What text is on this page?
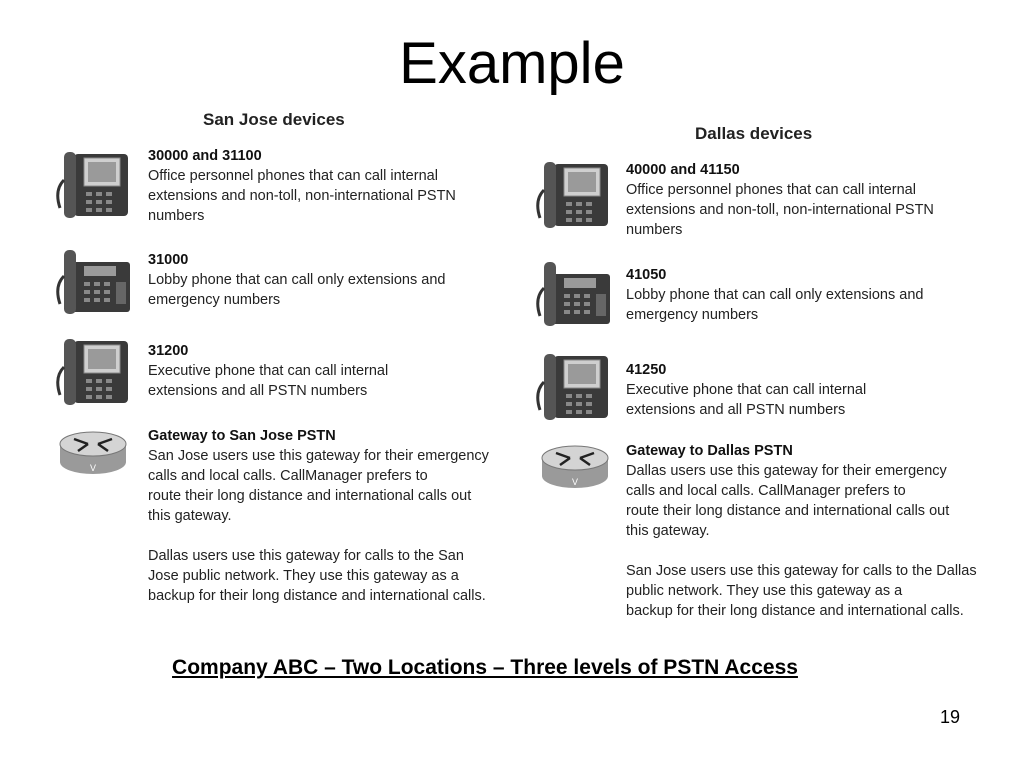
Example
San Jose devices
30000 and 31100
Office personnel phones that can call internal
extensions and non-toll, non-international PSTN
numbers
31000
Lobby phone that can call only extensions and
emergency numbers
31200
Executive phone that can call internal
extensions and all PSTN numbers
V
Gateway to San Jose PSTN
San Jose users use this gateway for their emergency
calls and local calls. CallManager prefers to
route their long distance and international calls out
this gateway.
Dallas users use this gateway for calls to the San
Jose public network. They use this gateway as a
backup for their long distance and international calls.
Dallas devices
40000 and 41150
Office personnel phones that can call internal
extensions and non-toll, non-international PSTN
numbers
41050
Lobby phone that can call only extensions and
emergency numbers
41250
Executive phone that can call internal
extensions and all PSTN numbers
V
Gateway to Dallas PSTN
Dallas users use this gateway for their emergency
calls and local calls. CallManager prefers to
route their long distance and international calls out
this gateway.
San Jose users use this gateway for calls to the Dallas
public network. They use this gateway as a
backup for their long distance and international calls.
Company ABC – Two Locations – Three levels of PSTN Access
19
